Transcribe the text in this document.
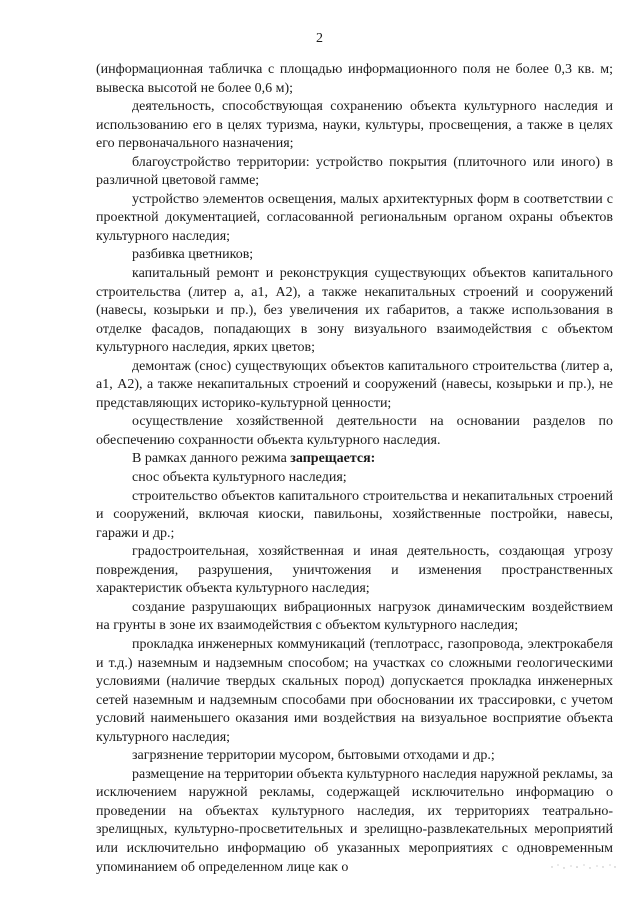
2

(информационная табличка с площадью информационного поля не более 0,3 кв. м; вывеска высотой не более 0,6 м);

деятельность, способствующая сохранению объекта культурного наследия и использованию его в целях туризма, науки, культуры, просвещения, а также в целях его первоначального назначения;

благоустройство территории: устройство покрытия (плиточного или иного) в различной цветовой гамме;

устройство элементов освещения, малых архитектурных форм в соответствии с проектной документацией, согласованной региональным органом охраны объектов культурного наследия;

разбивка цветников;

капитальный ремонт и реконструкция существующих объектов капитального строительства (литер а, а1, А2), а также некапитальных строений и сооружений (навесы, козырьки и пр.), без увеличения их габаритов, а также использования в отделке фасадов, попадающих в зону визуального взаимодействия с объектом культурного наследия, ярких цветов;

демонтаж (снос) существующих объектов капитального строительства (литер а, а1, А2), а также некапитальных строений и сооружений (навесы, козырьки и пр.), не представляющих историко-культурной ценности;

осуществление хозяйственной деятельности на основании разделов по обеспечению сохранности объекта культурного наследия.

В рамках данного режима запрещается:

снос объекта культурного наследия;

строительство объектов капитального строительства и некапитальных строений и сооружений, включая киоски, павильоны, хозяйственные постройки, навесы, гаражи и др.;

градостроительная, хозяйственная и иная деятельность, создающая угрозу повреждения, разрушения, уничтожения и изменения пространственных характеристик объекта культурного наследия;

создание разрушающих вибрационных нагрузок динамическим воздействием на грунты в зоне их взаимодействия с объектом культурного наследия;

прокладка инженерных коммуникаций (теплотрасс, газопровода, электрокабеля и т.д.) наземным и надземным способом; на участках со сложными геологическими условиями (наличие твердых скальных пород) допускается прокладка инженерных сетей наземным и надземным способами при обосновании их трассировки, с учетом условий наименьшего оказания ими воздействия на визуальное восприятие объекта культурного наследия;

загрязнение территории мусором, бытовыми отходами и др.;

размещение на территории объекта культурного наследия наружной рекламы, за исключением наружной рекламы, содержащей исключительно информацию о проведении на объектах культурного наследия, их территориях театрально-зрелищных, культурно-просветительных и зрелищно-развлекательных мероприятий или исключительно информацию об указанных мероприятиях с одновременным упоминанием об определенном лице как о
